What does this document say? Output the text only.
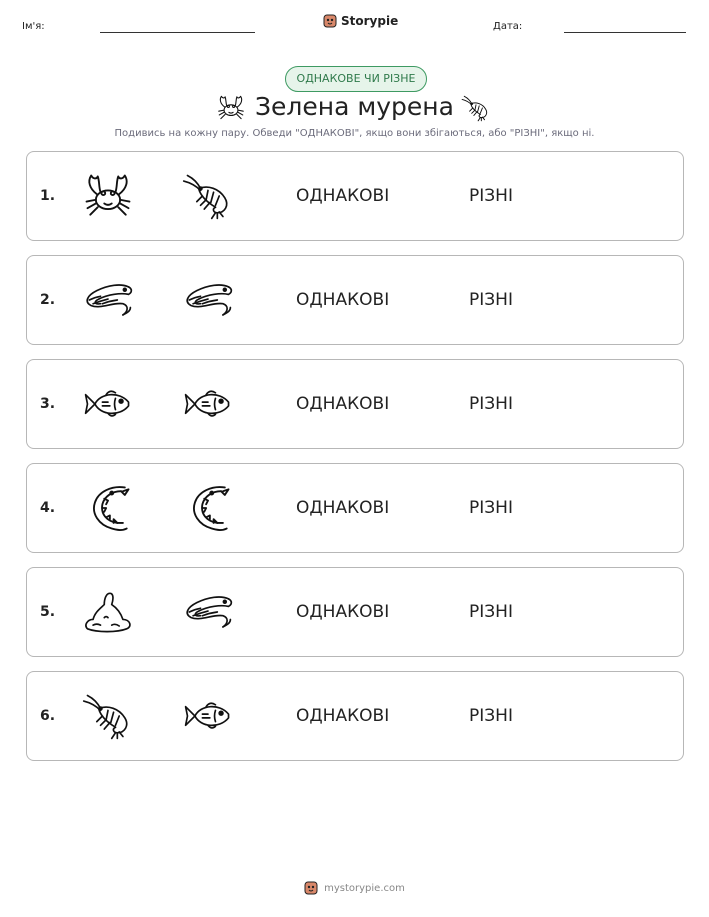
Ім'я:	Storypie	Дата:
ОДНАКОВЕ ЧИ РІЗНЕ
Зелена мурена
Подивись на кожну пару. Обведи "ОДНАКОВІ", якщо вони збігаються, або "РІЗНІ", якщо ні.
1.	ОДНАКОВІ	РІЗНІ
2.	ОДНАКОВІ	РІЗНІ
3.	ОДНАКОВІ	РІЗНІ
4.	ОДНАКОВІ	РІЗНІ
5.	ОДНАКОВІ	РІЗНІ
6.	ОДНАКОВІ	РІЗНІ
mystorypie.com
